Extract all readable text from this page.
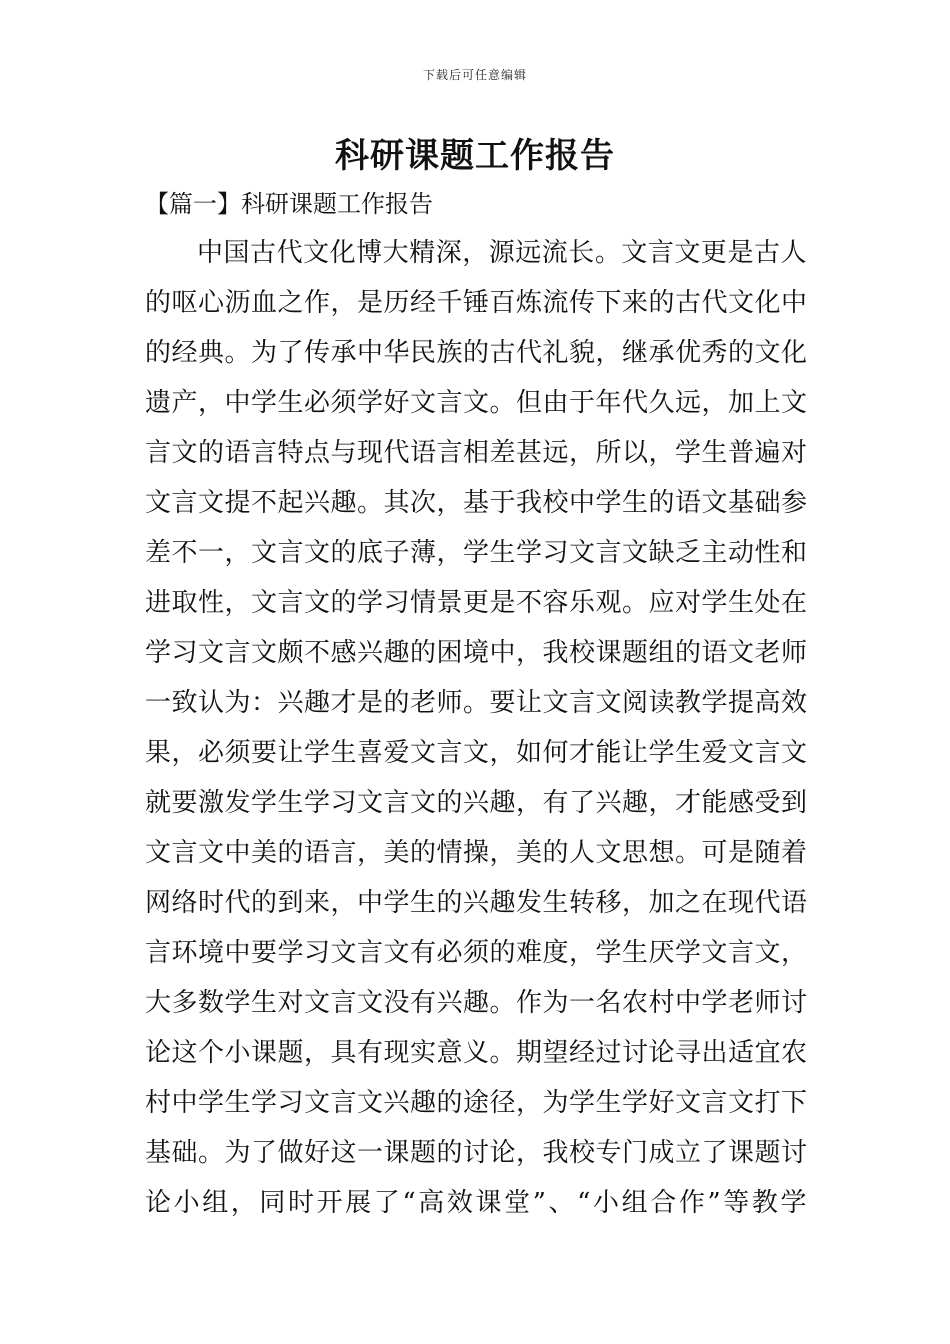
下载后可任意编辑
科研课题工作报告
【篇一】科研课题工作报告
中国古代文化博大精深，源远流长。文言文更是古人
的呕心沥血之作，是历经千锤百炼流传下来的古代文化中
的经典。为了传承中华民族的古代礼貌，继承优秀的文化
遗产，中学生必须学好文言文。但由于年代久远，加上文
言文的语言特点与现代语言相差甚远，所以，学生普遍对
文言文提不起兴趣。其次，基于我校中学生的语文基础参
差不一，文言文的底子薄，学生学习文言文缺乏主动性和
进取性，文言文的学习情景更是不容乐观。应对学生处在
学习文言文颇不感兴趣的困境中，我校课题组的语文老师
一致认为：兴趣才是的老师。要让文言文阅读教学提高效
果，必须要让学生喜爱文言文，如何才能让学生爱文言文
就要激发学生学习文言文的兴趣，有了兴趣，才能感受到
文言文中美的语言，美的情操，美的人文思想。可是随着
网络时代的到来，中学生的兴趣发生转移，加之在现代语
言环境中要学习文言文有必须的难度，学生厌学文言文，
大多数学生对文言文没有兴趣。作为一名农村中学老师讨
论这个小课题，具有现实意义。期望经过讨论寻出适宜农
村中学生学习文言文兴趣的途径，为学生学好文言文打下
基础。为了做好这一课题的讨论，我校专门成立了课题讨
论小组，同时开展了“高效课堂”、“小组合作”等教学
